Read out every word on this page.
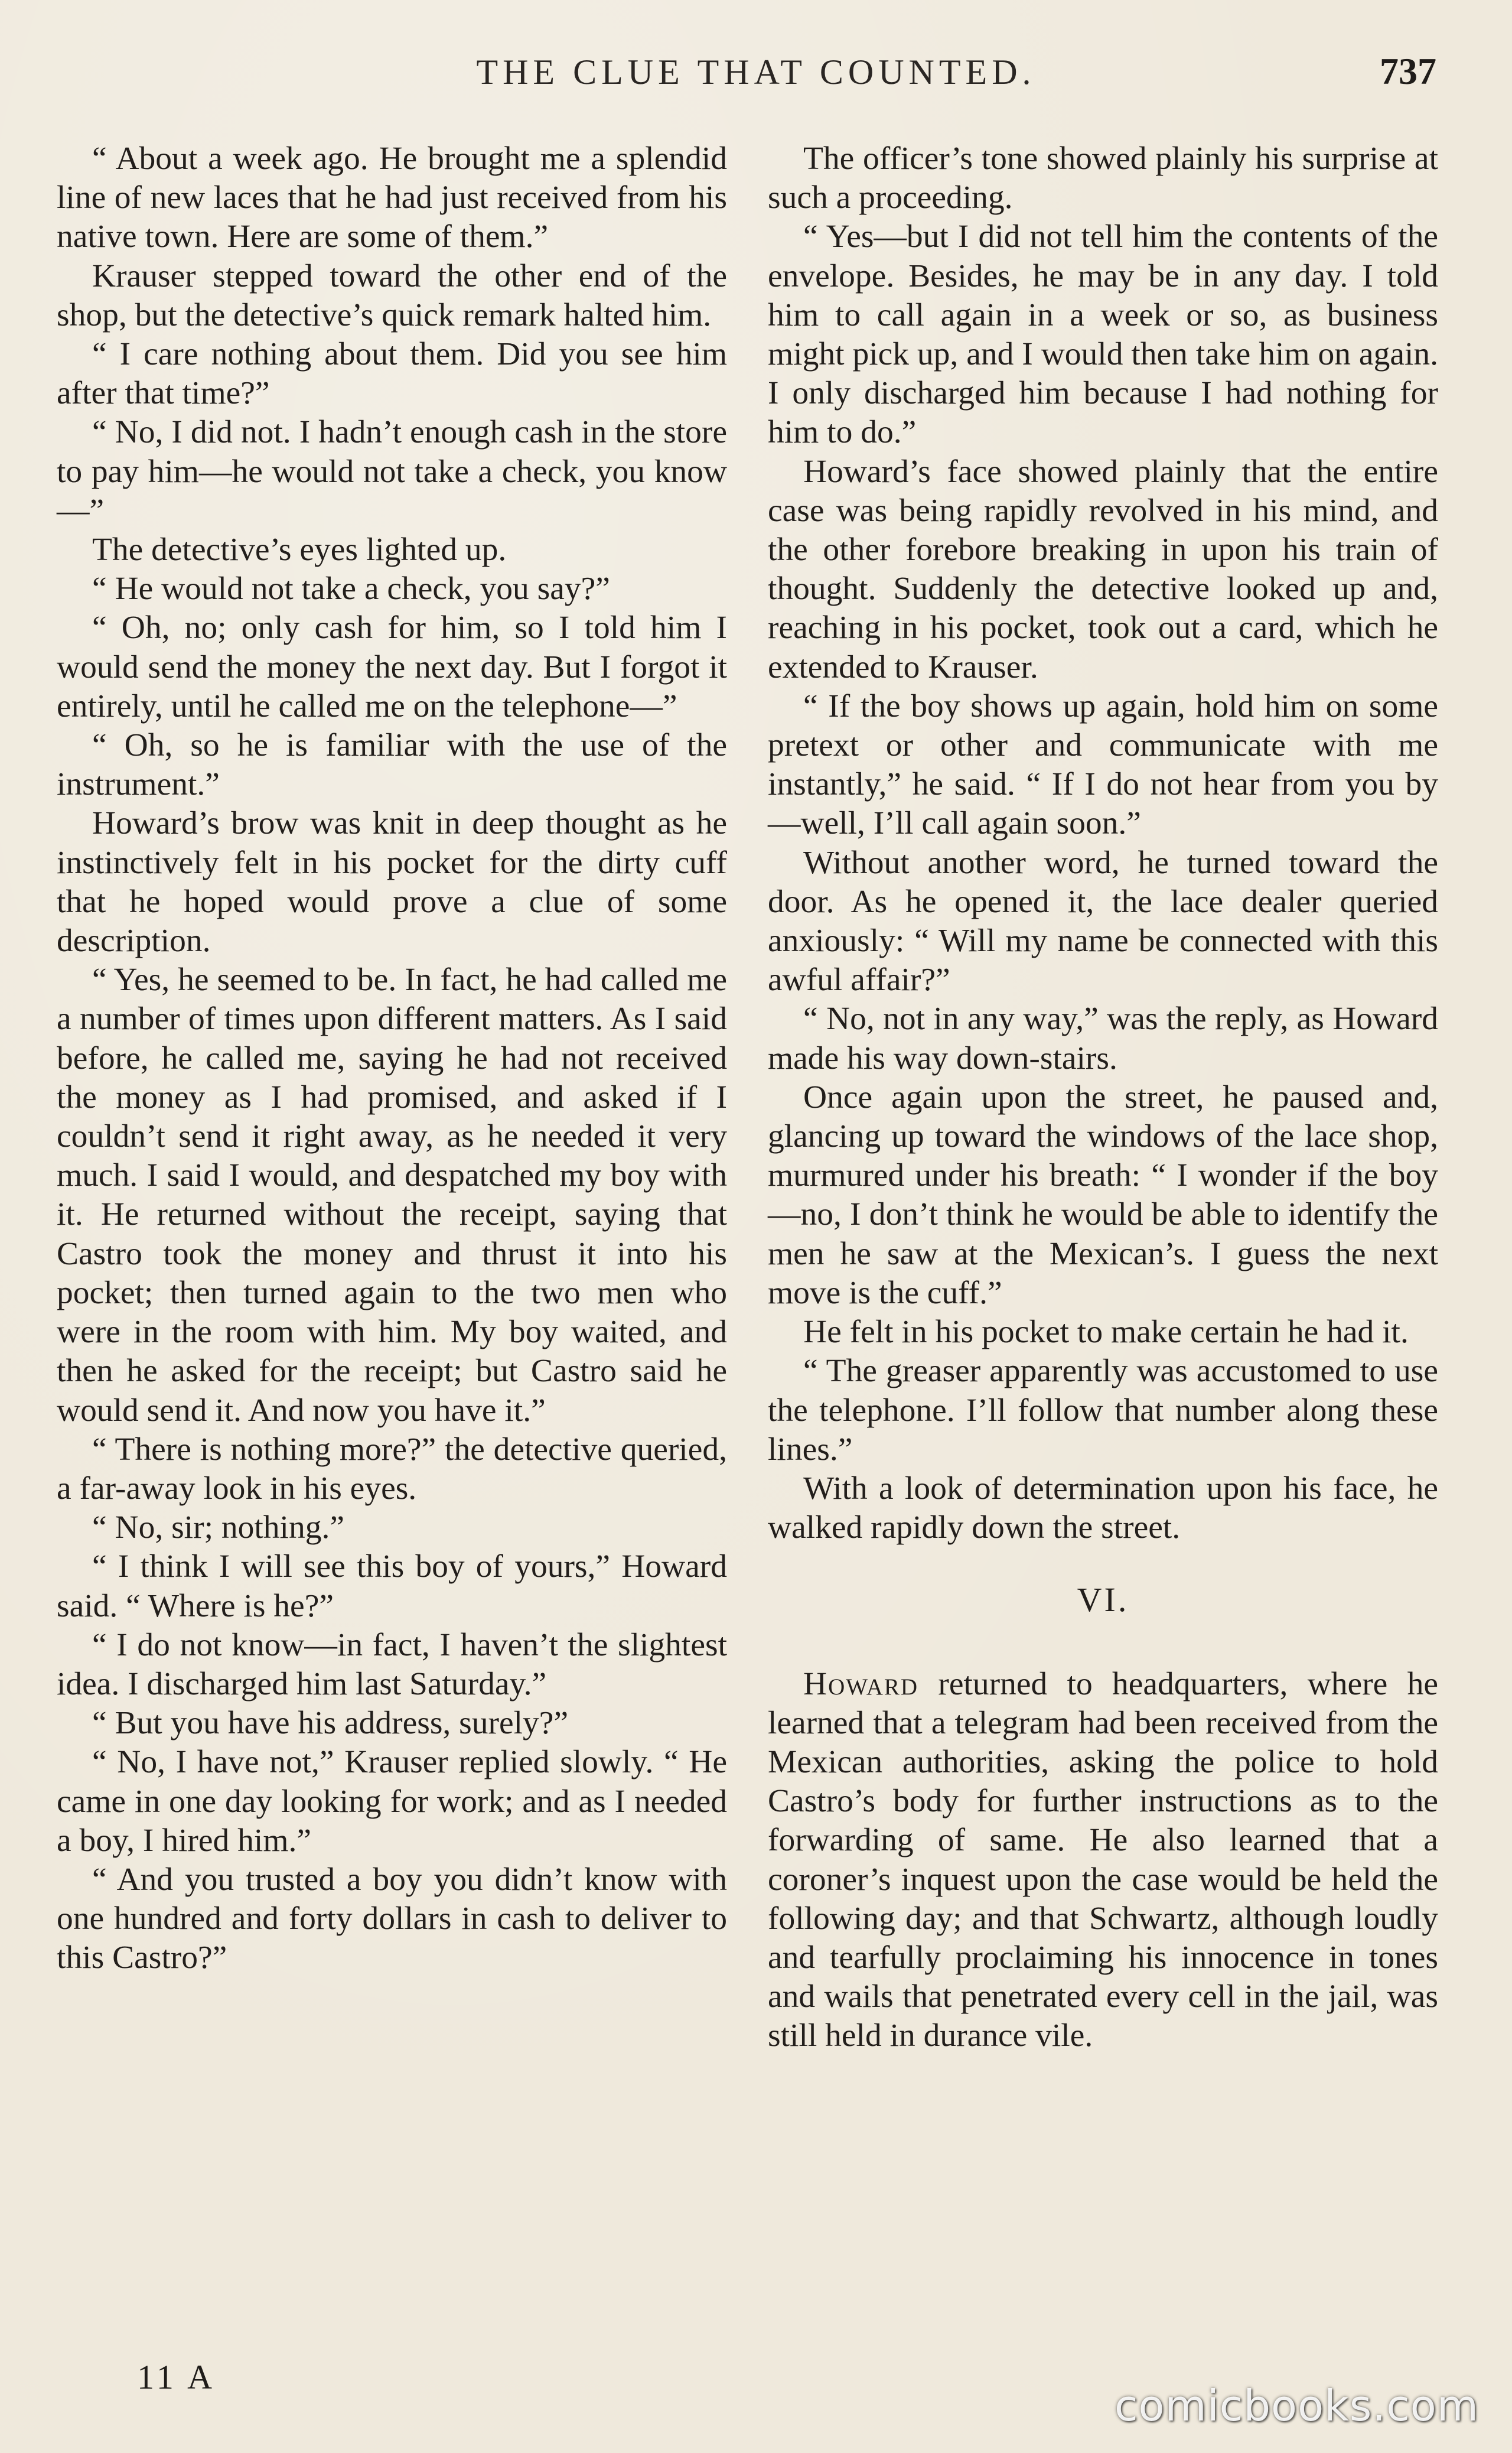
THE CLUE THAT COUNTED.	737

“ About a week ago. He brought me a splendid line of new laces that he had just received from his native town. Here are some of them.”

Krauser stepped toward the other end of the shop, but the detective’s quick remark halted him.

“ I care nothing about them. Did you see him after that time?”

“ No, I did not. I hadn’t enough cash in the store to pay him—he would not take a check, you know—”

The detective’s eyes lighted up.

“ He would not take a check, you say?”

“ Oh, no; only cash for him, so I told him I would send the money the next day. But I forgot it entirely, until he called me on the telephone—”

“ Oh, so he is familiar with the use of the instrument.”

Howard’s brow was knit in deep thought as he instinctively felt in his pocket for the dirty cuff that he hoped would prove a clue of some description.

“ Yes, he seemed to be. In fact, he had called me a number of times upon different matters. As I said before, he called me, saying he had not received the money as I had promised, and asked if I couldn’t send it right away, as he needed it very much. I said I would, and despatched my boy with it. He returned without the receipt, saying that Castro took the money and thrust it into his pocket; then turned again to the two men who were in the room with him. My boy waited, and then he asked for the receipt; but Castro said he would send it. And now you have it.”

“ There is nothing more?” the detective queried, a far-away look in his eyes.

“ No, sir; nothing.”

“ I think I will see this boy of yours,” Howard said. “ Where is he?”

“ I do not know—in fact, I haven’t the slightest idea. I discharged him last Saturday.”

“ But you have his address, surely?”

“ No, I have not,” Krauser replied slowly. “ He came in one day looking for work; and as I needed a boy, I hired him.”

“ And you trusted a boy you didn’t know with one hundred and forty dollars in cash to deliver to this Castro?”

The officer’s tone showed plainly his surprise at such a proceeding.

“ Yes—but I did not tell him the contents of the envelope. Besides, he may be in any day. I told him to call again in a week or so, as business might pick up, and I would then take him on again. I only discharged him because I had nothing for him to do.”

Howard’s face showed plainly that the entire case was being rapidly revolved in his mind, and the other forebore breaking in upon his train of thought. Suddenly the detective looked up and, reaching in his pocket, took out a card, which he extended to Krauser.

“ If the boy shows up again, hold him on some pretext or other and communicate with me instantly,” he said. “ If I do not hear from you by—well, I’ll call again soon.”

Without another word, he turned toward the door. As he opened it, the lace dealer queried anxiously: “ Will my name be connected with this awful affair?”

“ No, not in any way,” was the reply, as Howard made his way down-stairs.

Once again upon the street, he paused and, glancing up toward the windows of the lace shop, murmured under his breath: “ I wonder if the boy—no, I don’t think he would be able to identify the men he saw at the Mexican’s. I guess the next move is the cuff.”

He felt in his pocket to make certain he had it.

“ The greaser apparently was accustomed to use the telephone. I’ll follow that number along these lines.”

With a look of determination upon his face, he walked rapidly down the street.

VI.

Howard returned to headquarters, where he learned that a telegram had been received from the Mexican authorities, asking the police to hold Castro’s body for further instructions as to the forwarding of same. He also learned that a coroner’s inquest upon the case would be held the following day; and that Schwartz, although loudly and tearfully proclaiming his innocence in tones and wails that penetrated every cell in the jail, was still held in durance vile.

11 A
comicbooks.com
